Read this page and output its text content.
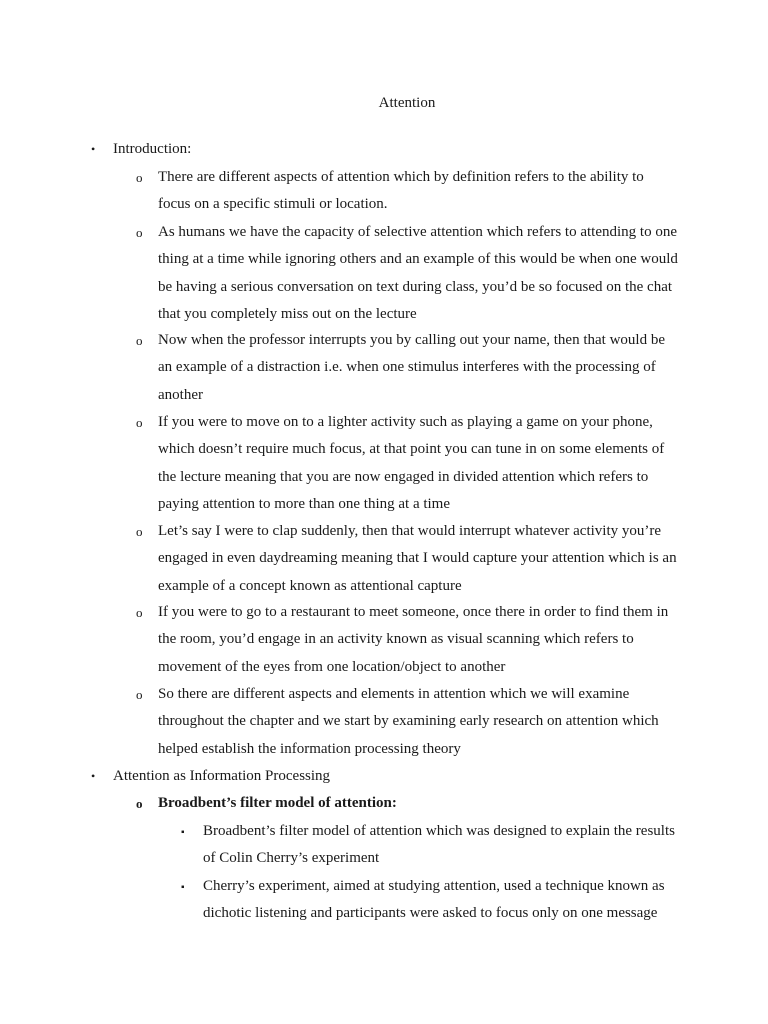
Attention
• Introduction:
o There are different aspects of attention which by definition refers to the ability to focus on a specific stimuli or location.
o As humans we have the capacity of selective attention which refers to attending to one thing at a time while ignoring others and an example of this would be when one would be having a serious conversation on text during class, you’d be so focused on the chat that you completely miss out on the lecture
o Now when the professor interrupts you by calling out your name, then that would be an example of a distraction i.e. when one stimulus interferes with the processing of another
o If you were to move on to a lighter activity such as playing a game on your phone, which doesn’t require much focus, at that point you can tune in on some elements of the lecture meaning that you are now engaged in divided attention which refers to paying attention to more than one thing at a time
o Let’s say I were to clap suddenly, then that would interrupt whatever activity you’re engaged in even daydreaming meaning that I would capture your attention which is an example of a concept known as attentional capture
o If you were to go to a restaurant to meet someone, once there in order to find them in the room, you’d engage in an activity known as visual scanning which refers to movement of the eyes from one location/object to another
o So there are different aspects and elements in attention which we will examine throughout the chapter and we start by examining early research on attention which helped establish the information processing theory
• Attention as Information Processing
o Broadbent’s filter model of attention:
▪ Broadbent’s filter model of attention which was designed to explain the results of Colin Cherry’s experiment
▪ Cherry’s experiment, aimed at studying attention, used a technique known as dichotic listening and participants were asked to focus only on one message
